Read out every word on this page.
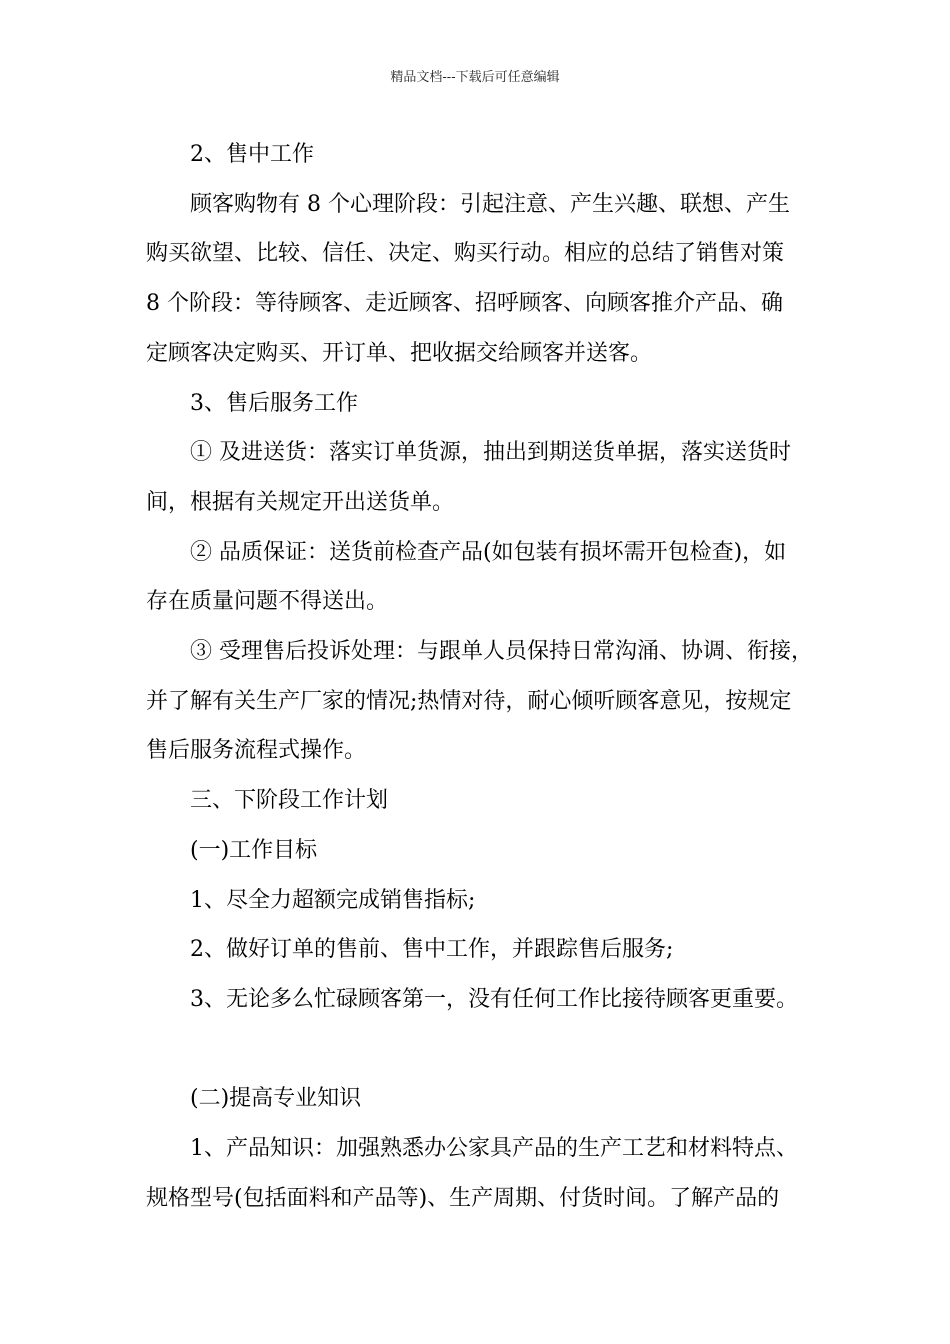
精品文档---下载后可任意编辑

2、售中工作

顾客购物有 8 个心理阶段：引起注意、产生兴趣、联想、产生

购买欲望、比较、信任、决定、购买行动。相应的总结了销售对策

8 个阶段：等待顾客、走近顾客、招呼顾客、向顾客推介产品、确

定顾客决定购买、开订单、把收据交给顾客并送客。

3、售后服务工作

① 及进送货：落实订单货源，抽出到期送货单据，落实送货时

间，根据有关规定开出送货单。

② 品质保证：送货前检查产品(如包装有损坏需开包检查)，如

存在质量问题不得送出。

③ 受理售后投诉处理：与跟单人员保持日常沟涌、协调、衔接，

并了解有关生产厂家的情况;热情对待，耐心倾听顾客意见，按规定

售后服务流程式操作。

三、下阶段工作计划

(一)工作目标

1、尽全力超额完成销售指标;

2、做好订单的售前、售中工作，并跟踪售后服务;

3、无论多么忙碌顾客第一，没有任何工作比接待顾客更重要。

(二)提高专业知识

1、产品知识：加强熟悉办公家具产品的生产工艺和材料特点、

规格型号(包括面料和产品等)、生产周期、付货时间。了解产品的
